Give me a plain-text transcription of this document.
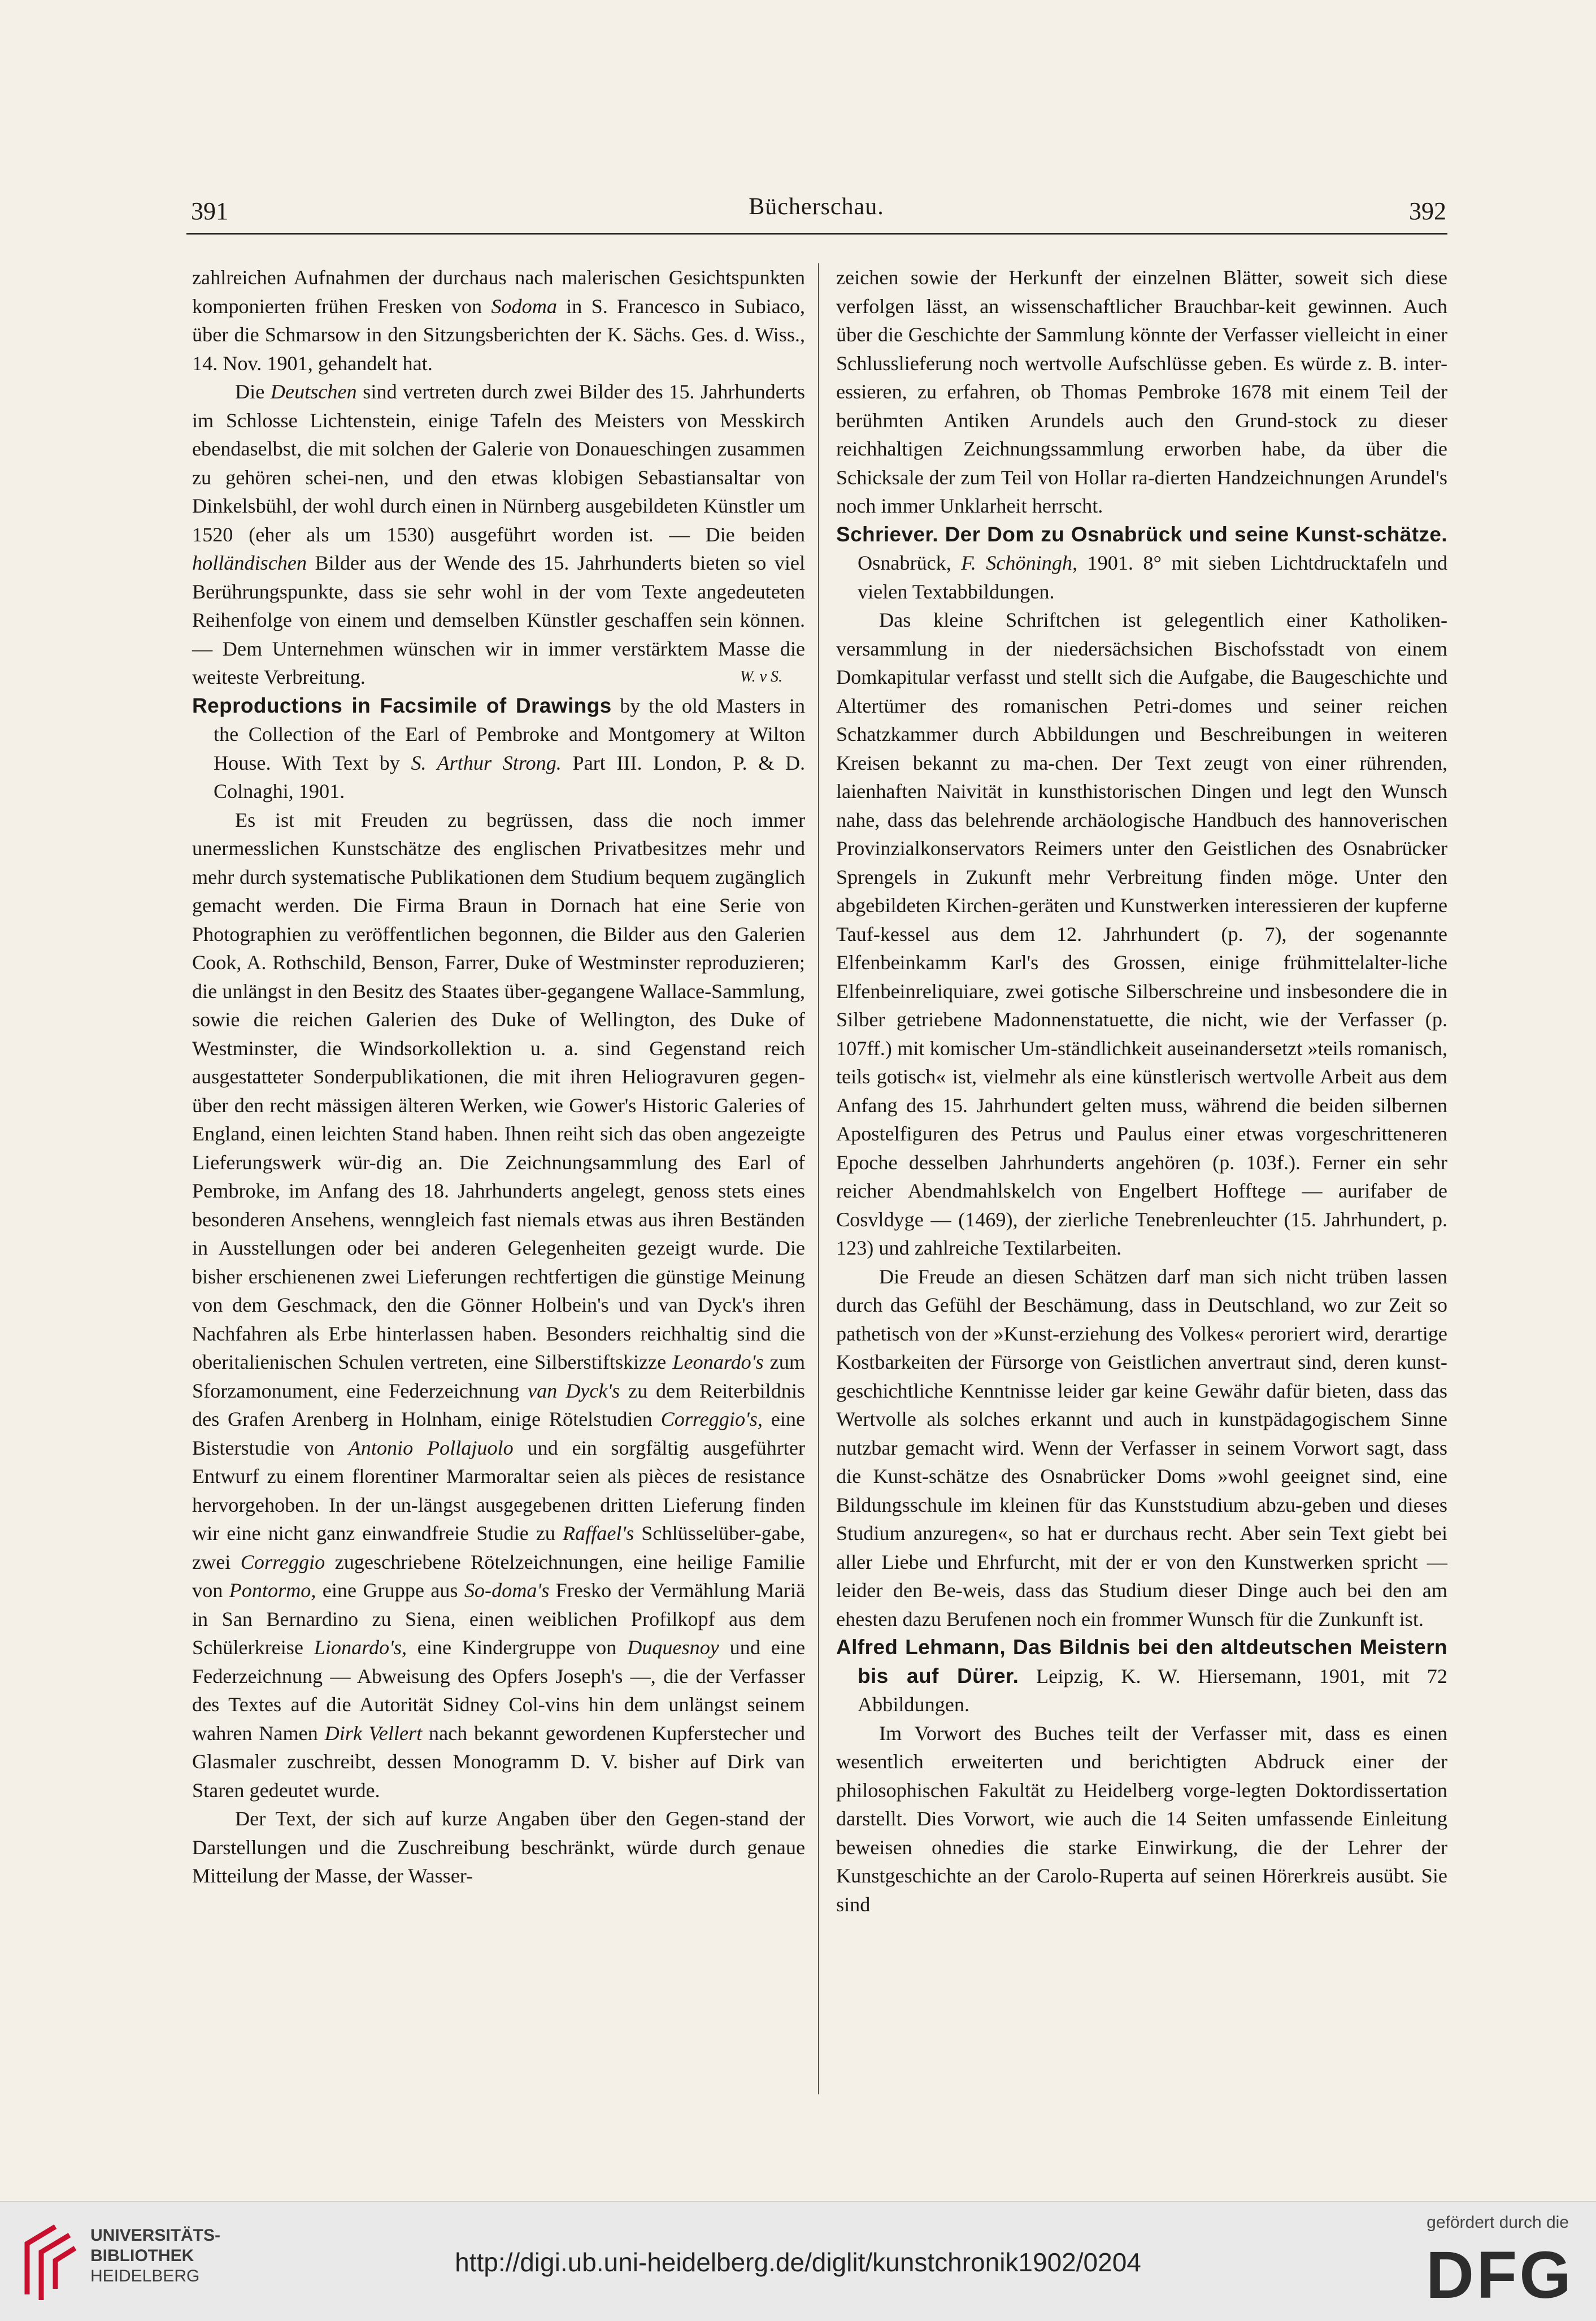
391	Bücherschau.	392

zahlreichen Aufnahmen der durchaus nach malerischen Gesichtspunkten komponierten frühen Fresken von Sodoma in S. Francesco in Subiaco, über die Schmarsow in den Sitzungsberichten der K. Sächs. Ges. d. Wiss., 14. Nov. 1901, gehandelt hat.

Die Deutschen sind vertreten durch zwei Bilder des 15. Jahrhunderts im Schlosse Lichtenstein, einige Tafeln des Meisters von Messkirch ebendaselbst, die mit solchen der Galerie von Donaueschingen zusammen zu gehören schei-nen, und den etwas klobigen Sebastiansaltar von Dinkelsbühl, der wohl durch einen in Nürnberg ausgebildeten Künstler um 1520 (eher als um 1530) ausgeführt worden ist. — Die beiden holländischen Bilder aus der Wende des 15. Jahrhunderts bieten so viel Berührungspunkte, dass sie sehr wohl in der vom Texte angedeuteten Reihenfolge von einem und demselben Künstler geschaffen sein können. — Dem Unternehmen wünschen wir in immer verstärktem Masse die weiteste Verbreitung.	W. v S.

Reproductions in Facsimile of Drawings by the old Masters in the Collection of the Earl of Pembroke and Montgomery at Wilton House. With Text by S. Arthur Strong. Part III. London, P. & D. Colnaghi, 1901.

Es ist mit Freuden zu begrüssen, dass die noch immer unermesslichen Kunstschätze des englischen Privatbesitzes mehr und mehr durch systematische Publikationen dem Studium bequem zugänglich gemacht werden. Die Firma Braun in Dornach hat eine Serie von Photographien zu veröffentlichen begonnen, die Bilder aus den Galerien Cook, A. Rothschild, Benson, Farrer, Duke of Westminster reproduzieren; die unlängst in den Besitz des Staates über-gegangene Wallace-Sammlung, sowie die reichen Galerien des Duke of Wellington, des Duke of Westminster, die Windsorkollektion u. a. sind Gegenstand reich ausgestatteter Sonderpublikationen, die mit ihren Heliogravuren gegen-über den recht mässigen älteren Werken, wie Gower's Historic Galeries of England, einen leichten Stand haben. Ihnen reiht sich das oben angezeigte Lieferungswerk wür-dig an. Die Zeichnungsammlung des Earl of Pembroke, im Anfang des 18. Jahrhunderts angelegt, genoss stets eines besonderen Ansehens, wenngleich fast niemals etwas aus ihren Beständen in Ausstellungen oder bei anderen Gelegenheiten gezeigt wurde. Die bisher erschienenen zwei Lieferungen rechtfertigen die günstige Meinung von dem Geschmack, den die Gönner Holbein's und van Dyck's ihren Nachfahren als Erbe hinterlassen haben. Besonders reichhaltig sind die oberitalienischen Schulen vertreten, eine Silberstiftskizze Leonardo's zum Sforzamonument, eine Federzeichnung van Dyck's zu dem Reiterbildnis des Grafen Arenberg in Holnham, einige Rötelstudien Correggio's, eine Bisterstudie von Antonio Pollajuolo und ein sorgfältig ausgeführter Entwurf zu einem florentiner Marmoraltar seien als pièces de resistance hervorgehoben. In der un-längst ausgegebenen dritten Lieferung finden wir eine nicht ganz einwandfreie Studie zu Raffael's Schlüsselüber-gabe, zwei Correggio zugeschriebene Rötelzeichnungen, eine heilige Familie von Pontormo, eine Gruppe aus So-doma's Fresko der Vermählung Mariä in San Bernardino zu Siena, einen weiblichen Profilkopf aus dem Schülerkreise Lionardo's, eine Kindergruppe von Duquesnoy und eine Federzeichnung — Abweisung des Opfers Joseph's —, die der Verfasser des Textes auf die Autorität Sidney Col-vins hin dem unlängst seinem wahren Namen Dirk Vellert nach bekannt gewordenen Kupferstecher und Glasmaler zuschreibt, dessen Monogramm D. V. bisher auf Dirk van Staren gedeutet wurde.

Der Text, der sich auf kurze Angaben über den Gegen-stand der Darstellungen und die Zuschreibung beschränkt, würde durch genaue Mitteilung der Masse, der Wasser-

zeichen sowie der Herkunft der einzelnen Blätter, soweit sich diese verfolgen lässt, an wissenschaftlicher Brauchbar-keit gewinnen. Auch über die Geschichte der Sammlung könnte der Verfasser vielleicht in einer Schlusslieferung noch wertvolle Aufschlüsse geben. Es würde z. B. inter-essieren, zu erfahren, ob Thomas Pembroke 1678 mit einem Teil der berühmten Antiken Arundels auch den Grund-stock zu dieser reichhaltigen Zeichnungssammlung erworben habe, da über die Schicksale der zum Teil von Hollar ra-dierten Handzeichnungen Arundel's noch immer Unklarheit herrscht.

Schriever. Der Dom zu Osnabrück und seine Kunst-schätze. Osnabrück, F. Schöningh, 1901. 8° mit sieben Lichtdrucktafeln und vielen Textabbildungen.

Das kleine Schriftchen ist gelegentlich einer Katholiken-versammlung in der niedersächsichen Bischofsstadt von einem Domkapitular verfasst und stellt sich die Aufgabe, die Baugeschichte und Altertümer des romanischen Petri-domes und seiner reichen Schatzkammer durch Abbildungen und Beschreibungen in weiteren Kreisen bekannt zu ma-chen. Der Text zeugt von einer rührenden, laienhaften Naivität in kunsthistorischen Dingen und legt den Wunsch nahe, dass das belehrende archäologische Handbuch des hannoverischen Provinzialkonservators Reimers unter den Geistlichen des Osnabrücker Sprengels in Zukunft mehr Verbreitung finden möge. Unter den abgebildeten Kirchen-geräten und Kunstwerken interessieren der kupferne Tauf-kessel aus dem 12. Jahrhundert (p. 7), der sogenannte Elfenbeinkamm Karl's des Grossen, einige frühmittelalter-liche Elfenbeinreliquiare, zwei gotische Silberschreine und insbesondere die in Silber getriebene Madonnenstatuette, die nicht, wie der Verfasser (p. 107ff.) mit komischer Um-ständlichkeit auseinandersetzt »teils romanisch, teils gotisch« ist, vielmehr als eine künstlerisch wertvolle Arbeit aus dem Anfang des 15. Jahrhundert gelten muss, während die beiden silbernen Apostelfiguren des Petrus und Paulus einer etwas vorgeschritteneren Epoche desselben Jahrhunderts angehören (p. 103f.). Ferner ein sehr reicher Abendmahlskelch von Engelbert Hofftege — aurifaber de Cosvldyge — (1469), der zierliche Tenebrenleuchter (15. Jahrhundert, p. 123) und zahlreiche Textilarbeiten.

Die Freude an diesen Schätzen darf man sich nicht trüben lassen durch das Gefühl der Beschämung, dass in Deutschland, wo zur Zeit so pathetisch von der »Kunst-erziehung des Volkes« peroriert wird, derartige Kostbarkeiten der Fürsorge von Geistlichen anvertraut sind, deren kunst-geschichtliche Kenntnisse leider gar keine Gewähr dafür bieten, dass das Wertvolle als solches erkannt und auch in kunstpädagogischem Sinne nutzbar gemacht wird. Wenn der Verfasser in seinem Vorwort sagt, dass die Kunst-schätze des Osnabrücker Doms »wohl geeignet sind, eine Bildungsschule im kleinen für das Kunststudium abzu-geben und dieses Studium anzuregen«, so hat er durchaus recht. Aber sein Text giebt bei aller Liebe und Ehrfurcht, mit der er von den Kunstwerken spricht — leider den Be-weis, dass das Studium dieser Dinge auch bei den am ehesten dazu Berufenen noch ein frommer Wunsch für die Zunkunft ist.

Alfred Lehmann, Das Bildnis bei den altdeutschen Meistern bis auf Dürer. Leipzig, K. W. Hiersemann, 1901, mit 72 Abbildungen.

Im Vorwort des Buches teilt der Verfasser mit, dass es einen wesentlich erweiterten und berichtigten Abdruck einer der philosophischen Fakultät zu Heidelberg vorge-legten Doktordissertation darstellt. Dies Vorwort, wie auch die 14 Seiten umfassende Einleitung beweisen ohnedies die starke Einwirkung, die der Lehrer der Kunstgeschichte an der Carolo-Ruperta auf seinen Hörerkreis ausübt. Sie sind

UNIVERSITÄTS-
BIBLIOTHEK
HEIDELBERG	http://digi.ub.uni-heidelberg.de/diglit/kunstchronik1902/0204
gefördert durch die
DFG
